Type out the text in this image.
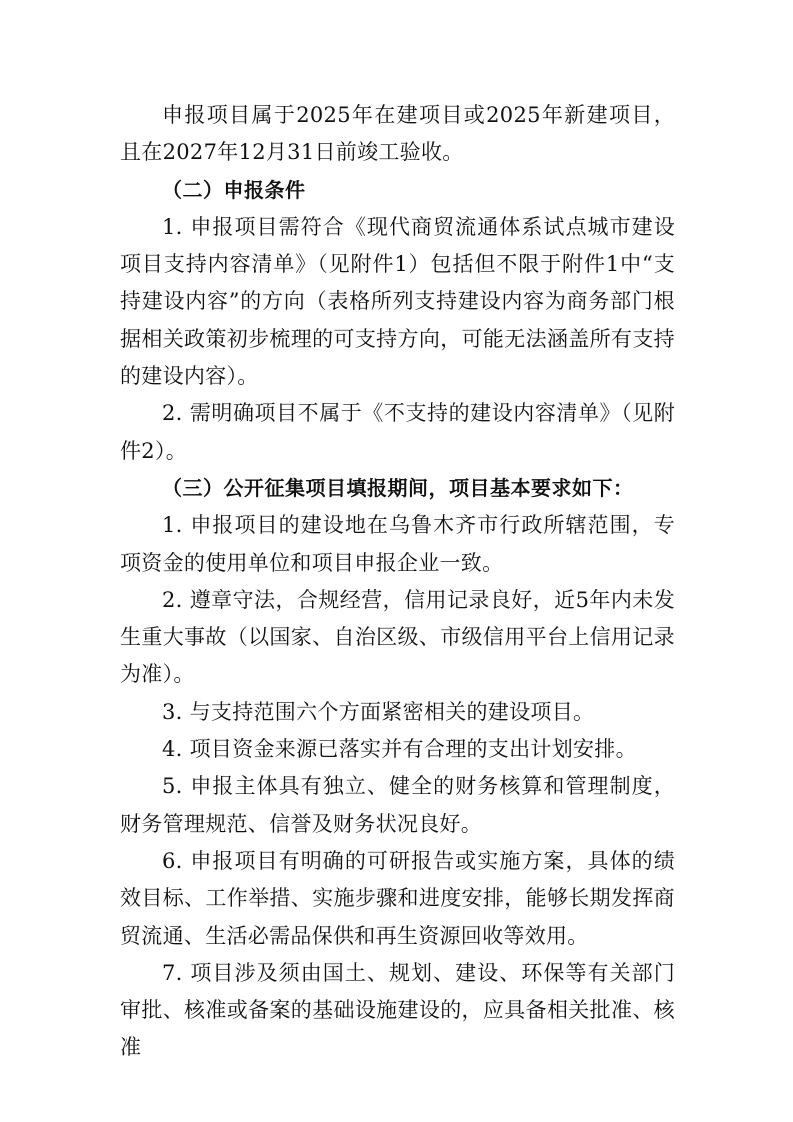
申报项目属于2025年在建项目或2025年新建项目，且在2027年12月31日前竣工验收。

（二）申报条件

1. 申报项目需符合《现代商贸流通体系试点城市建设项目支持内容清单》（见附件1）包括但不限于附件1中“支持建设内容”的方向（表格所列支持建设内容为商务部门根据相关政策初步梳理的可支持方向，可能无法涵盖所有支持的建设内容）。

2. 需明确项目不属于《不支持的建设内容清单》（见附件2）。

（三）公开征集项目填报期间，项目基本要求如下：

1. 申报项目的建设地在乌鲁木齐市行政所辖范围，专项资金的使用单位和项目申报企业一致。

2. 遵章守法，合规经营，信用记录良好，近5年内未发生重大事故（以国家、自治区级、市级信用平台上信用记录为准）。

3. 与支持范围六个方面紧密相关的建设项目。

4. 项目资金来源已落实并有合理的支出计划安排。

5. 申报主体具有独立、健全的财务核算和管理制度，财务管理规范、信誉及财务状况良好。

6. 申报项目有明确的可研报告或实施方案，具体的绩效目标、工作举措、实施步骤和进度安排，能够长期发挥商贸流通、生活必需品保供和再生资源回收等效用。

7. 项目涉及须由国土、规划、建设、环保等有关部门审批、核准或备案的基础设施建设的，应具备相关批准、核准
